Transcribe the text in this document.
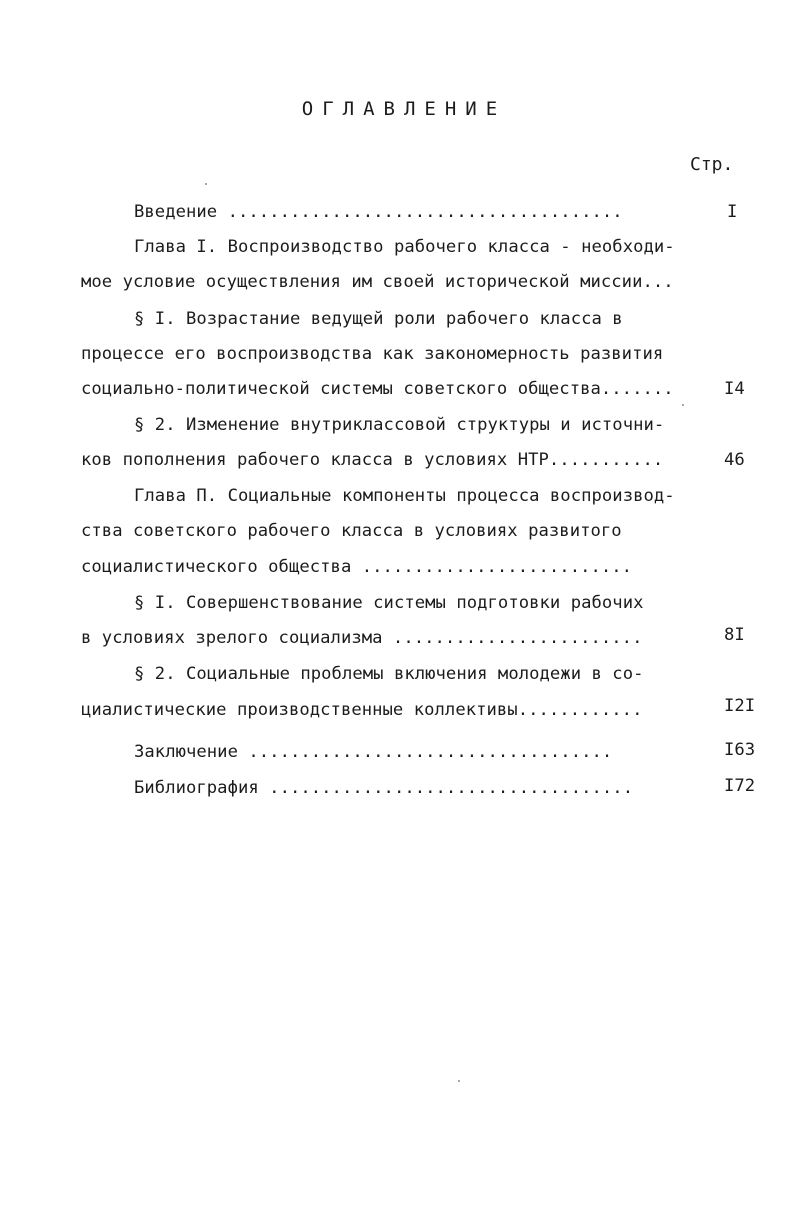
ОГЛАВЛЕНИЕ
Стр.
Введение ......................................	I
Глава I. Воспроизводство рабочего класса - необходи-
мое условие осуществления им своей исторической миссии...
§ I. Возрастание ведущей роли рабочего класса в
процессе его воспроизводства как закономерность развития
социально-политической системы советского общества.......	I4
§ 2. Изменение внутриклассовой структуры и источни-
ков пополнения рабочего класса в условиях НТР...........	46
Глава П. Социальные компоненты процесса воспроизвод-
ства советского рабочего класса в условиях развитого
социалистического общества ..........................
§ I. Совершенствование системы подготовки рабочих
в условиях зрелого социализма ........................	8I
§ 2. Социальные проблемы включения молодежи в со-
циалистические производственные коллективы............	I2I
Заключение ...................................	I63
Библиография ...................................	I72
